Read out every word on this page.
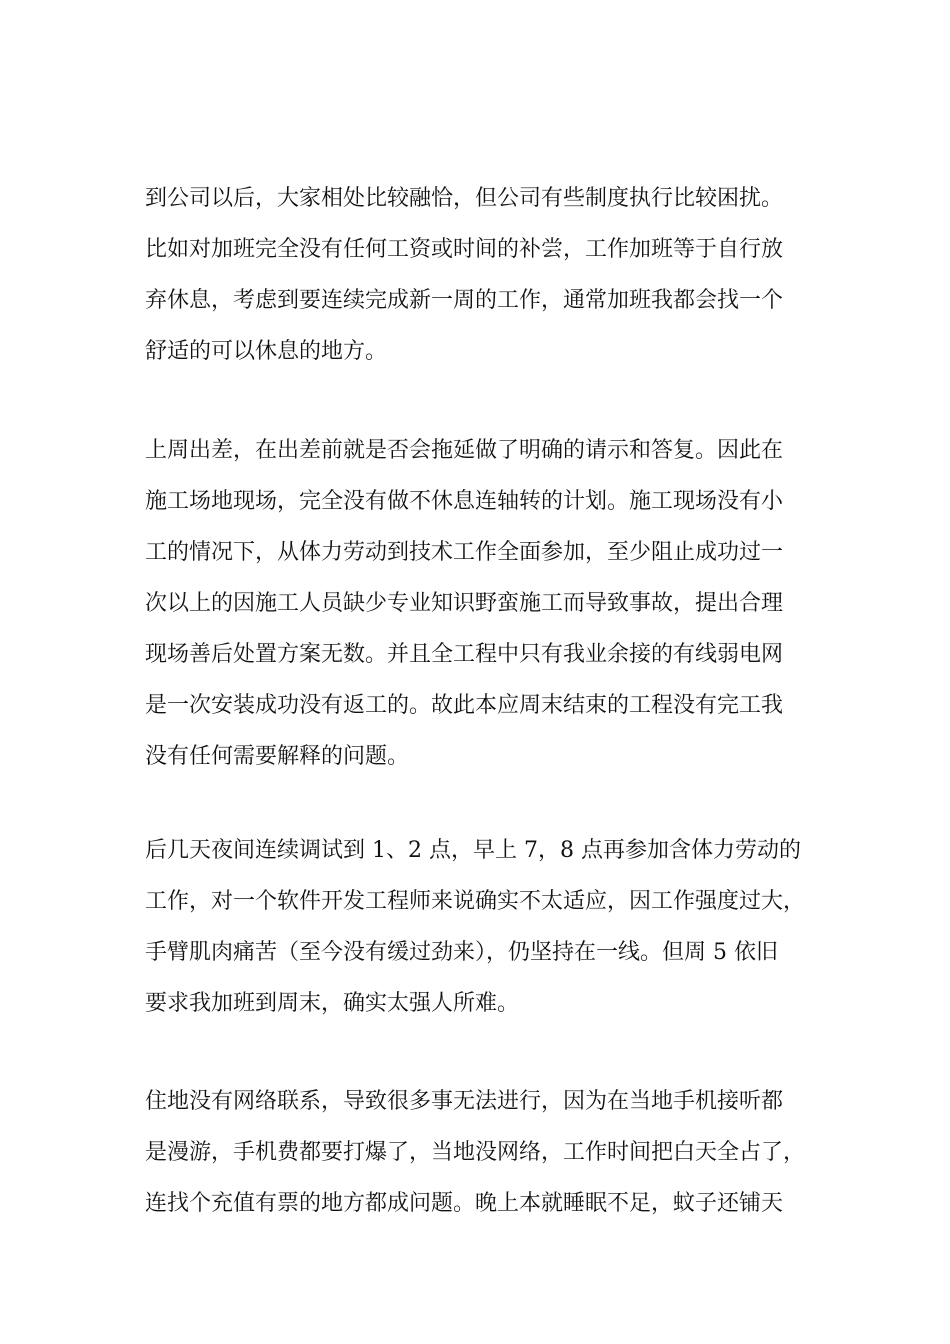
到公司以后，大家相处比较融恰，但公司有些制度执行比较困扰。
比如对加班完全没有任何工资或时间的补尝，工作加班等于自行放
弃休息，考虑到要连续完成新一周的工作，通常加班我都会找一个
舒适的可以休息的地方。
上周出差，在出差前就是否会拖延做了明确的请示和答复。因此在
施工场地现场，完全没有做不休息连轴转的计划。施工现场没有小
工的情况下，从体力劳动到技术工作全面参加，至少阻止成功过一
次以上的因施工人员缺少专业知识野蛮施工而导致事故，提出合理
现场善后处置方案无数。并且全工程中只有我业余接的有线弱电网
是一次安装成功没有返工的。故此本应周末结束的工程没有完工我
没有任何需要解释的问题。
后几天夜间连续调试到 1、2 点，早上 7，8 点再参加含体力劳动的
工作，对一个软件开发工程师来说确实不太适应，因工作强度过大，
手臂肌肉痛苦（至今没有缓过劲来），仍坚持在一线。但周 5 依旧
要求我加班到周末，确实太强人所难。
住地没有网络联系，导致很多事无法进行，因为在当地手机接听都
是漫游，手机费都要打爆了，当地没网络，工作时间把白天全占了，
连找个充值有票的地方都成问题。晚上本就睡眠不足，蚊子还铺天
